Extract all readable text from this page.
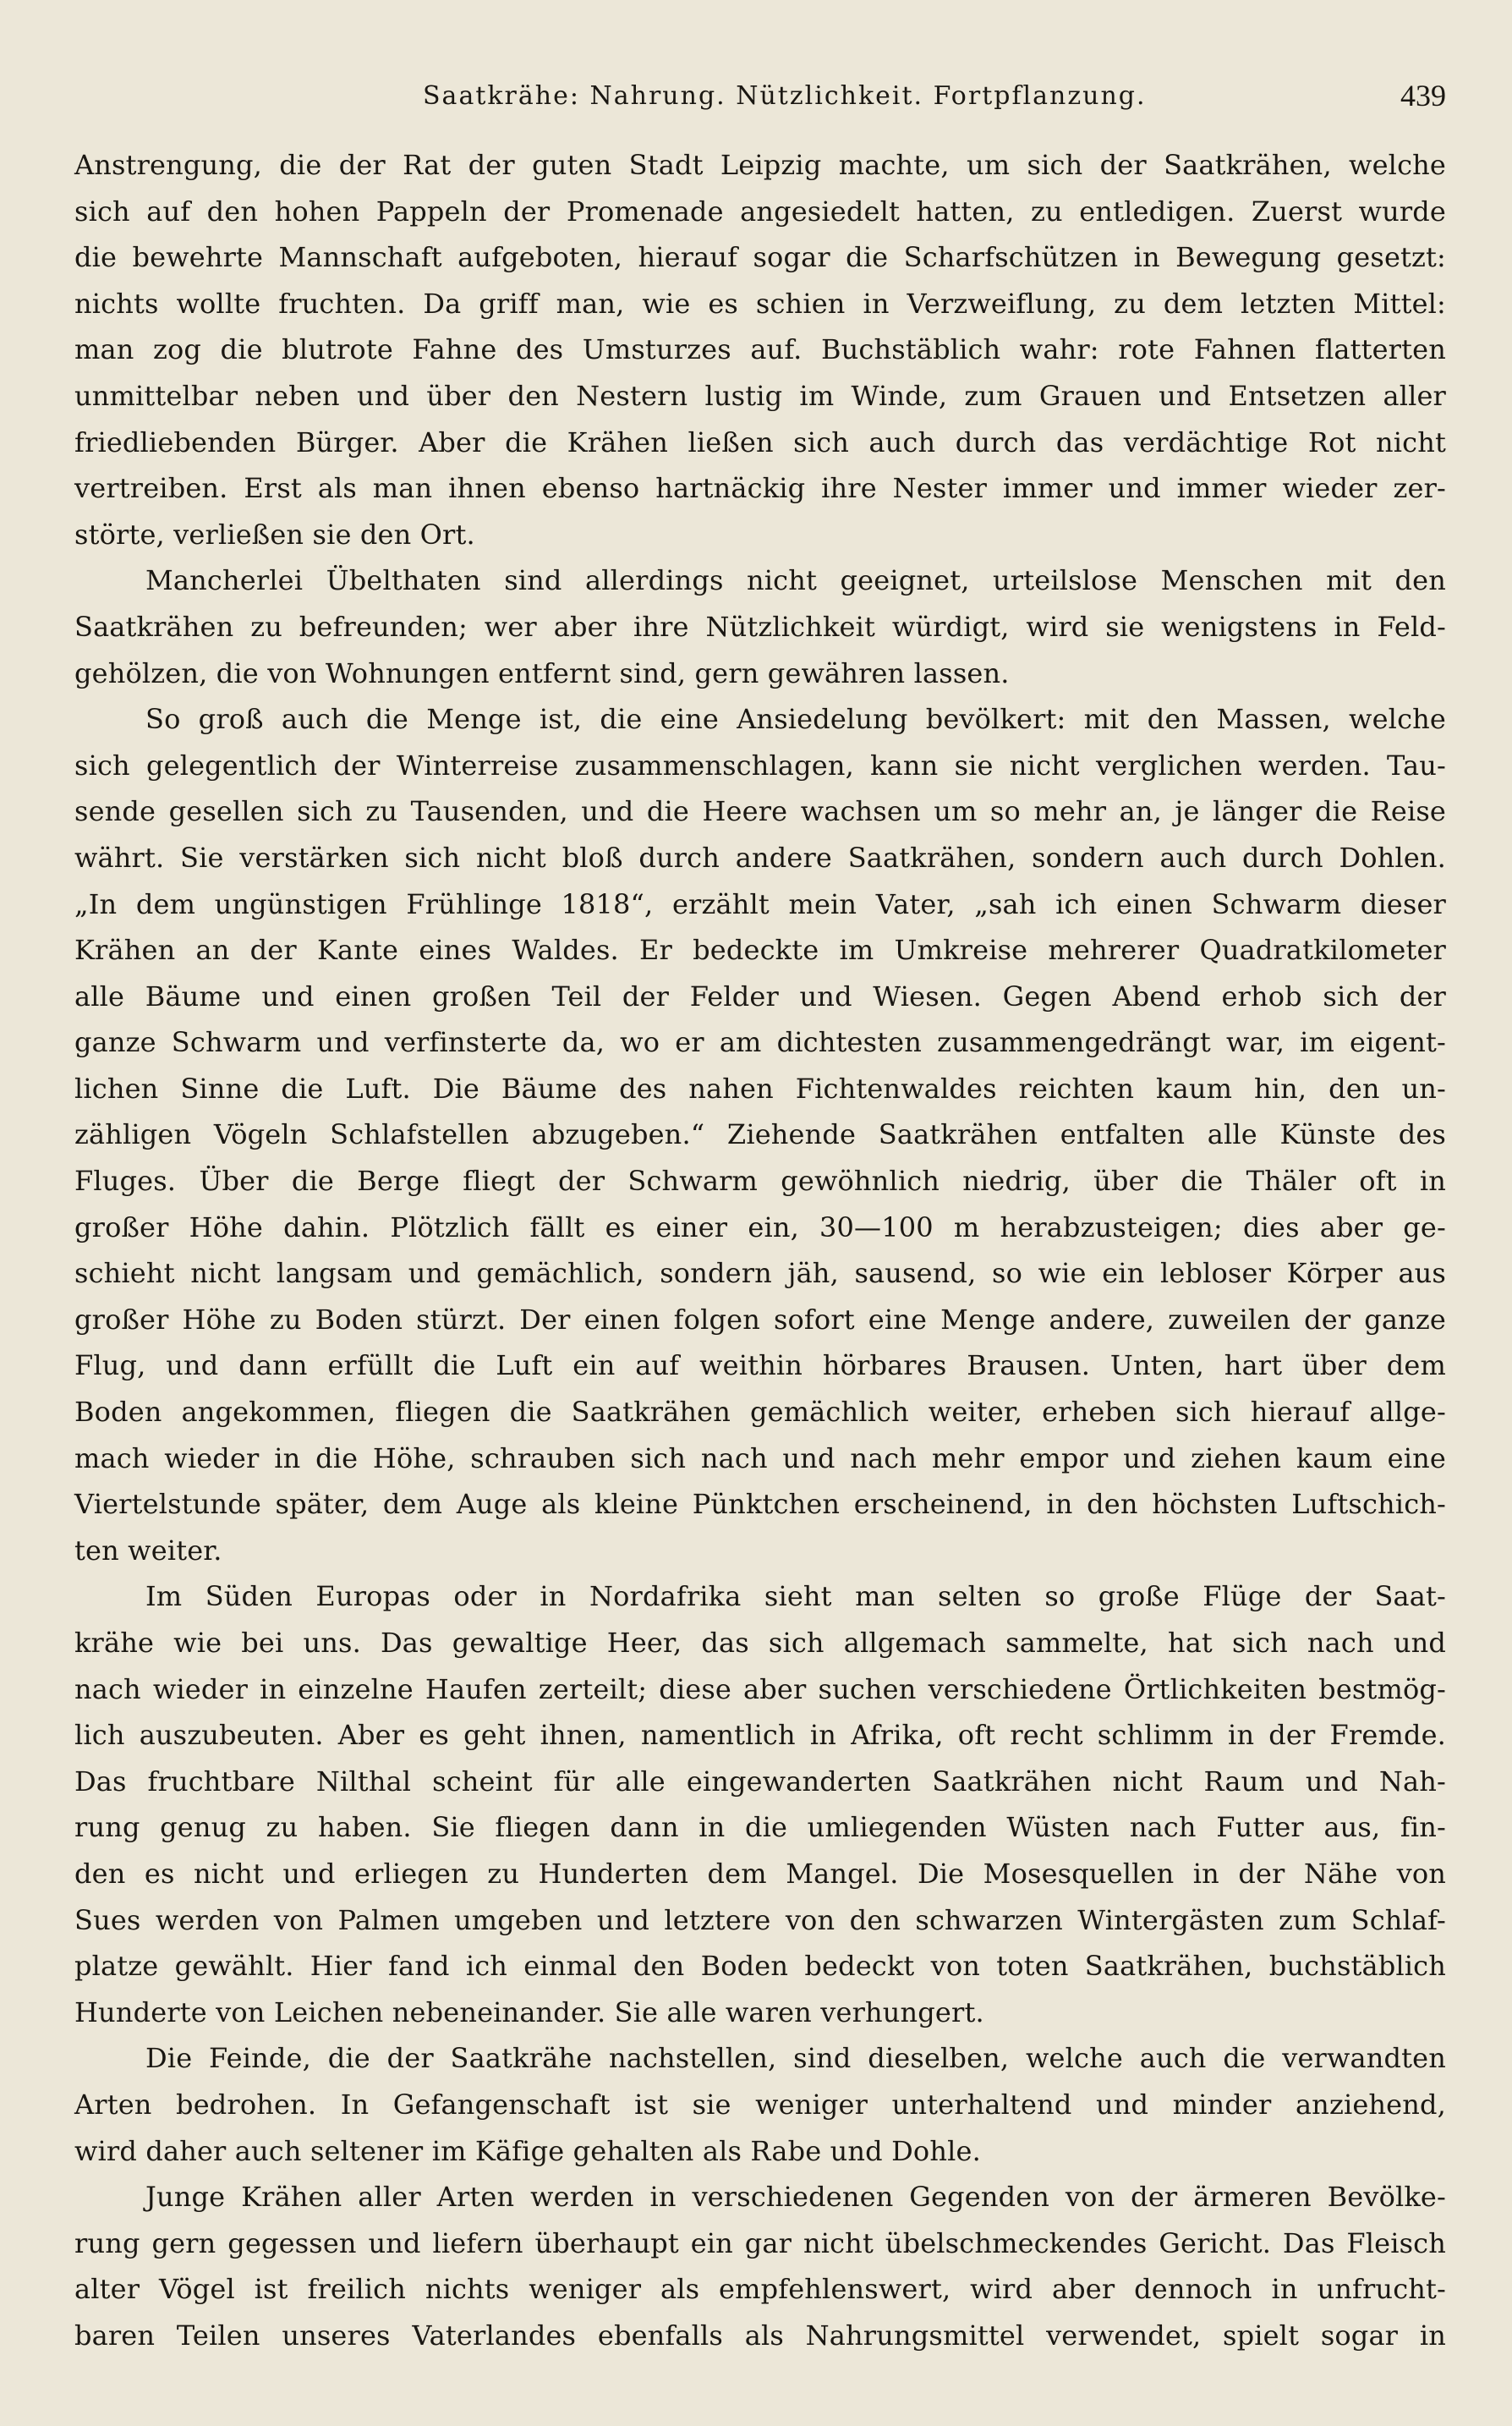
Saatkrähe: Nahrung. Nützlichkeit. Fortpflanzung.	439
Anstrengung, die der Rat der guten Stadt Leipzig machte, um sich der Saatkrähen, welche
sich auf den hohen Pappeln der Promenade angesiedelt hatten, zu entledigen. Zuerst wurde
die bewehrte Mannschaft aufgeboten, hierauf sogar die Scharfschützen in Bewegung gesetzt:
nichts wollte fruchten. Da griff man, wie es schien in Verzweiflung, zu dem letzten Mittel:
man zog die blutrote Fahne des Umsturzes auf. Buchstäblich wahr: rote Fahnen flatterten
unmittelbar neben und über den Nestern lustig im Winde, zum Grauen und Entsetzen aller
friedliebenden Bürger. Aber die Krähen ließen sich auch durch das verdächtige Rot nicht
vertreiben. Erst als man ihnen ebenso hartnäckig ihre Nester immer und immer wieder zer-
störte, verließen sie den Ort.
Mancherlei Übelthaten sind allerdings nicht geeignet, urteilslose Menschen mit den
Saatkrähen zu befreunden; wer aber ihre Nützlichkeit würdigt, wird sie wenigstens in Feld-
gehölzen, die von Wohnungen entfernt sind, gern gewähren lassen.
So groß auch die Menge ist, die eine Ansiedelung bevölkert: mit den Massen, welche
sich gelegentlich der Winterreise zusammenschlagen, kann sie nicht verglichen werden. Tau-
sende gesellen sich zu Tausenden, und die Heere wachsen um so mehr an, je länger die Reise
währt. Sie verstärken sich nicht bloß durch andere Saatkrähen, sondern auch durch Dohlen.
„In dem ungünstigen Frühlinge 1818“, erzählt mein Vater, „sah ich einen Schwarm dieser
Krähen an der Kante eines Waldes. Er bedeckte im Umkreise mehrerer Quadratkilometer
alle Bäume und einen großen Teil der Felder und Wiesen. Gegen Abend erhob sich der
ganze Schwarm und verfinsterte da, wo er am dichtesten zusammengedrängt war, im eigent-
lichen Sinne die Luft. Die Bäume des nahen Fichtenwaldes reichten kaum hin, den un-
zähligen Vögeln Schlafstellen abzugeben.“ Ziehende Saatkrähen entfalten alle Künste des
Fluges. Über die Berge fliegt der Schwarm gewöhnlich niedrig, über die Thäler oft in
großer Höhe dahin. Plötzlich fällt es einer ein, 30—100 m herabzusteigen; dies aber ge-
schieht nicht langsam und gemächlich, sondern jäh, sausend, so wie ein lebloser Körper aus
großer Höhe zu Boden stürzt. Der einen folgen sofort eine Menge andere, zuweilen der ganze
Flug, und dann erfüllt die Luft ein auf weithin hörbares Brausen. Unten, hart über dem
Boden angekommen, fliegen die Saatkrähen gemächlich weiter, erheben sich hierauf allge-
mach wieder in die Höhe, schrauben sich nach und nach mehr empor und ziehen kaum eine
Viertelstunde später, dem Auge als kleine Pünktchen erscheinend, in den höchsten Luftschich-
ten weiter.
Im Süden Europas oder in Nordafrika sieht man selten so große Flüge der Saat-
krähe wie bei uns. Das gewaltige Heer, das sich allgemach sammelte, hat sich nach und
nach wieder in einzelne Haufen zerteilt; diese aber suchen verschiedene Örtlichkeiten bestmög-
lich auszubeuten. Aber es geht ihnen, namentlich in Afrika, oft recht schlimm in der Fremde.
Das fruchtbare Nilthal scheint für alle eingewanderten Saatkrähen nicht Raum und Nah-
rung genug zu haben. Sie fliegen dann in die umliegenden Wüsten nach Futter aus, fin-
den es nicht und erliegen zu Hunderten dem Mangel. Die Mosesquellen in der Nähe von
Sues werden von Palmen umgeben und letztere von den schwarzen Wintergästen zum Schlaf-
platze gewählt. Hier fand ich einmal den Boden bedeckt von toten Saatkrähen, buchstäblich
Hunderte von Leichen nebeneinander. Sie alle waren verhungert.
Die Feinde, die der Saatkrähe nachstellen, sind dieselben, welche auch die verwandten
Arten bedrohen. In Gefangenschaft ist sie weniger unterhaltend und minder anziehend,
wird daher auch seltener im Käfige gehalten als Rabe und Dohle.
Junge Krähen aller Arten werden in verschiedenen Gegenden von der ärmeren Bevölke-
rung gern gegessen und liefern überhaupt ein gar nicht übelschmeckendes Gericht. Das Fleisch
alter Vögel ist freilich nichts weniger als empfehlenswert, wird aber dennoch in unfrucht-
baren Teilen unseres Vaterlandes ebenfalls als Nahrungsmittel verwendet, spielt sogar in
